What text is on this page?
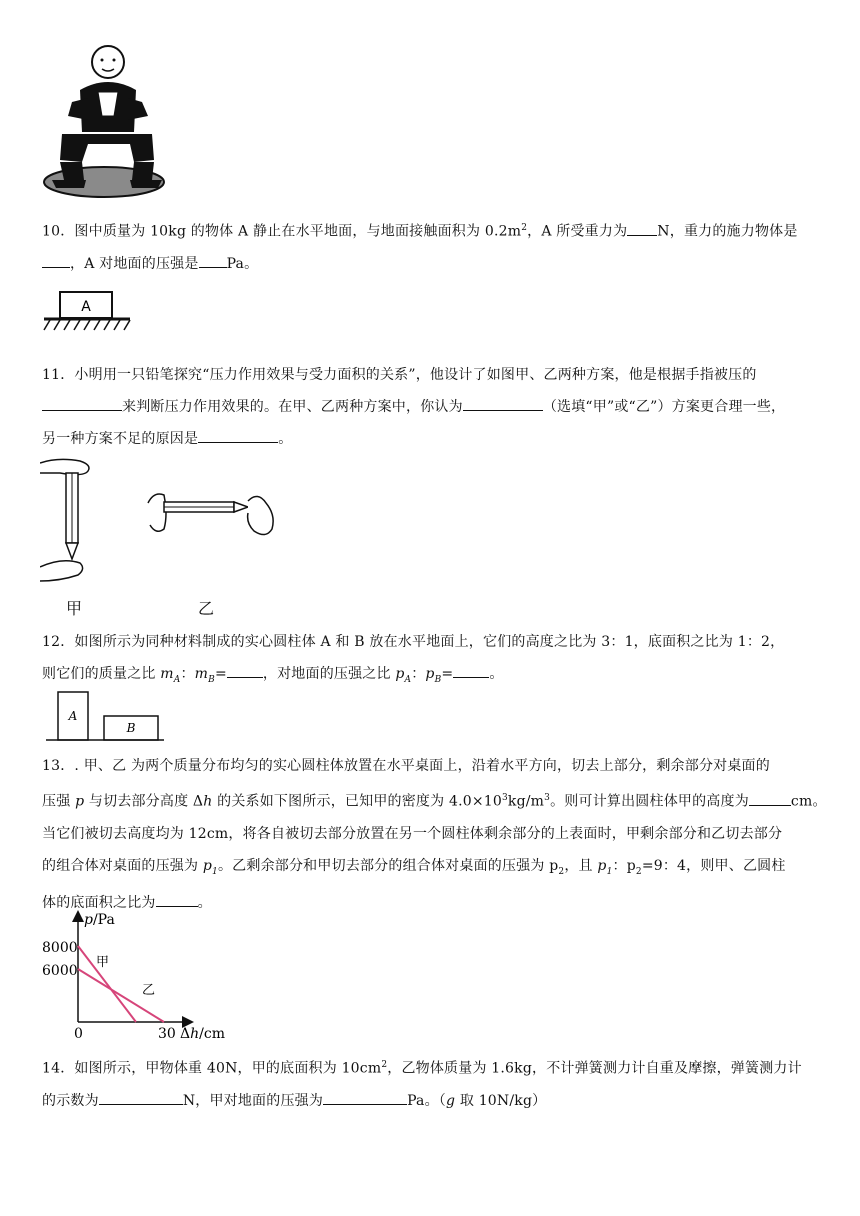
10．图中质量为 10kg 的物体 A 静止在水平地面，与地面接触面积为 $0.2m^2$，A 所受重力为 N，重力的施力物体是
，A 对地面的压强是 Pa。
A
11．小明用一只铅笔探究“压力作用效果与受力面积的关系”，他设计了如图甲、乙两种方案，他是根据手指被压的
来判断压力作用效果的。在甲、乙两种方案中，你认为	（选填“甲”或“乙”）方案更合理一些，
另一种方案不足的原因是	。
甲	乙
12．如图所示为同种材料制成的实心圆柱体 A 和 B 放在水平地面上，它们的高度之比为 3：1，底面积之比为 1：2，
则它们的质量之比 $m_A$：$m_B=$	，对地面的压强之比 $p_A$：$p_B=$	。
A
B
13．. 甲、乙 为两个质量分布均匀的实心圆柱体放置在水平桌面上，沿着水平方向，切去上部分，剩余部分对桌面的
压强 p 与切去部分高度 Δh 的关系如下图所示，已知甲的密度为 $4.0\times 10^3kg/m^3$。则可计算出圆柱体甲的高度为	cm。
当它们被切去高度均为 12cm，将各自被切去部分放置在另一个圆柱体剩余部分的上表面时，甲剩余部分和乙切去部分
的组合体对桌面的压强为 $p_1$。乙剩余部分和甲切去部分的组合体对桌面的压强为 $p_2$，且 $p_1$：$p_2=9$：4，则甲、乙圆柱
体的底面积之比为	。
p/Pa
8000
6000
0	30 Δh/cm
甲
乙
14．如图所示，甲物体重 40N，甲的底面积为 $10cm^2$，乙物体质量为 1.6kg，不计弹簧测力计自重及摩擦，弹簧测力计
的示数为	N，甲对地面的压强为	Pa。（g 取 10N/kg）
